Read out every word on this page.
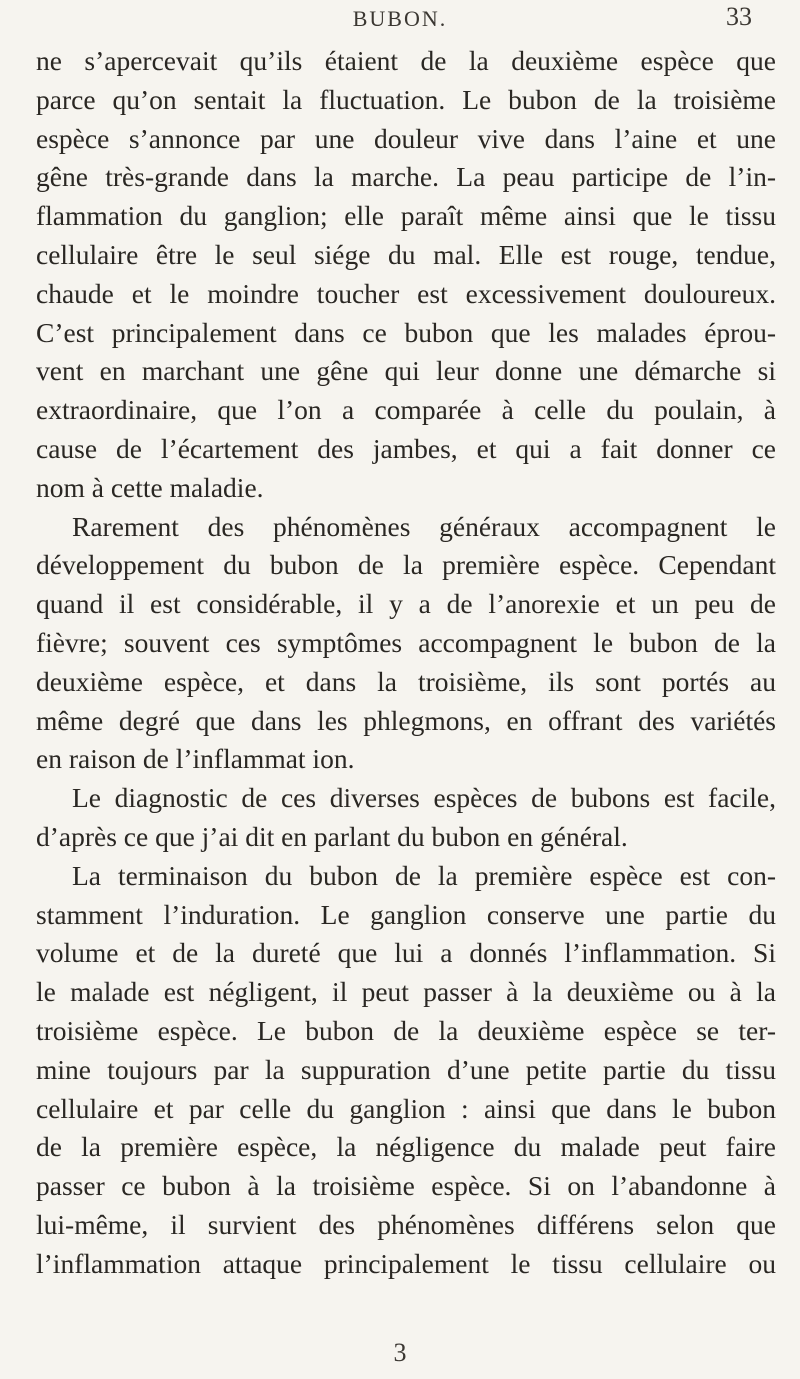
BUBON.	33
ne s’apercevait qu’ils étaient de la deuxième espèce que
parce qu’on sentait la fluctuation. Le bubon de la troisième
espèce s’annonce par une douleur vive dans l’aine et une
gêne très-grande dans la marche. La peau participe de l’in-
flammation du ganglion; elle paraît même ainsi que le tissu
cellulaire être le seul siége du mal. Elle est rouge, tendue,
chaude et le moindre toucher est excessivement douloureux.
C’est principalement dans ce bubon que les malades éprou-
vent en marchant une gêne qui leur donne une démarche si
extraordinaire, que l’on a comparée à celle du poulain, à
cause de l’écartement des jambes, et qui a fait donner ce
nom à cette maladie.
Rarement des phénomènes généraux accompagnent le
développement du bubon de la première espèce. Cependant
quand il est considérable, il y a de l’anorexie et un peu de
fièvre; souvent ces symptômes accompagnent le bubon de la
deuxième espèce, et dans la troisième, ils sont portés au
même degré que dans les phlegmons, en offrant des variétés
en raison de l’inflammat ion.
Le diagnostic de ces diverses espèces de bubons est facile,
d’après ce que j’ai dit en parlant du bubon en général.
La terminaison du bubon de la première espèce est con-
stamment l’induration. Le ganglion conserve une partie du
volume et de la dureté que lui a donnés l’inflammation. Si
le malade est négligent, il peut passer à la deuxième ou à la
troisième espèce. Le bubon de la deuxième espèce se ter-
mine toujours par la suppuration d’une petite partie du tissu
cellulaire et par celle du ganglion : ainsi que dans le bubon
de la première espèce, la négligence du malade peut faire
passer ce bubon à la troisième espèce. Si on l’abandonne à
lui-même, il survient des phénomènes différens selon que
l’inflammation attaque principalement le tissu cellulaire ou
3
